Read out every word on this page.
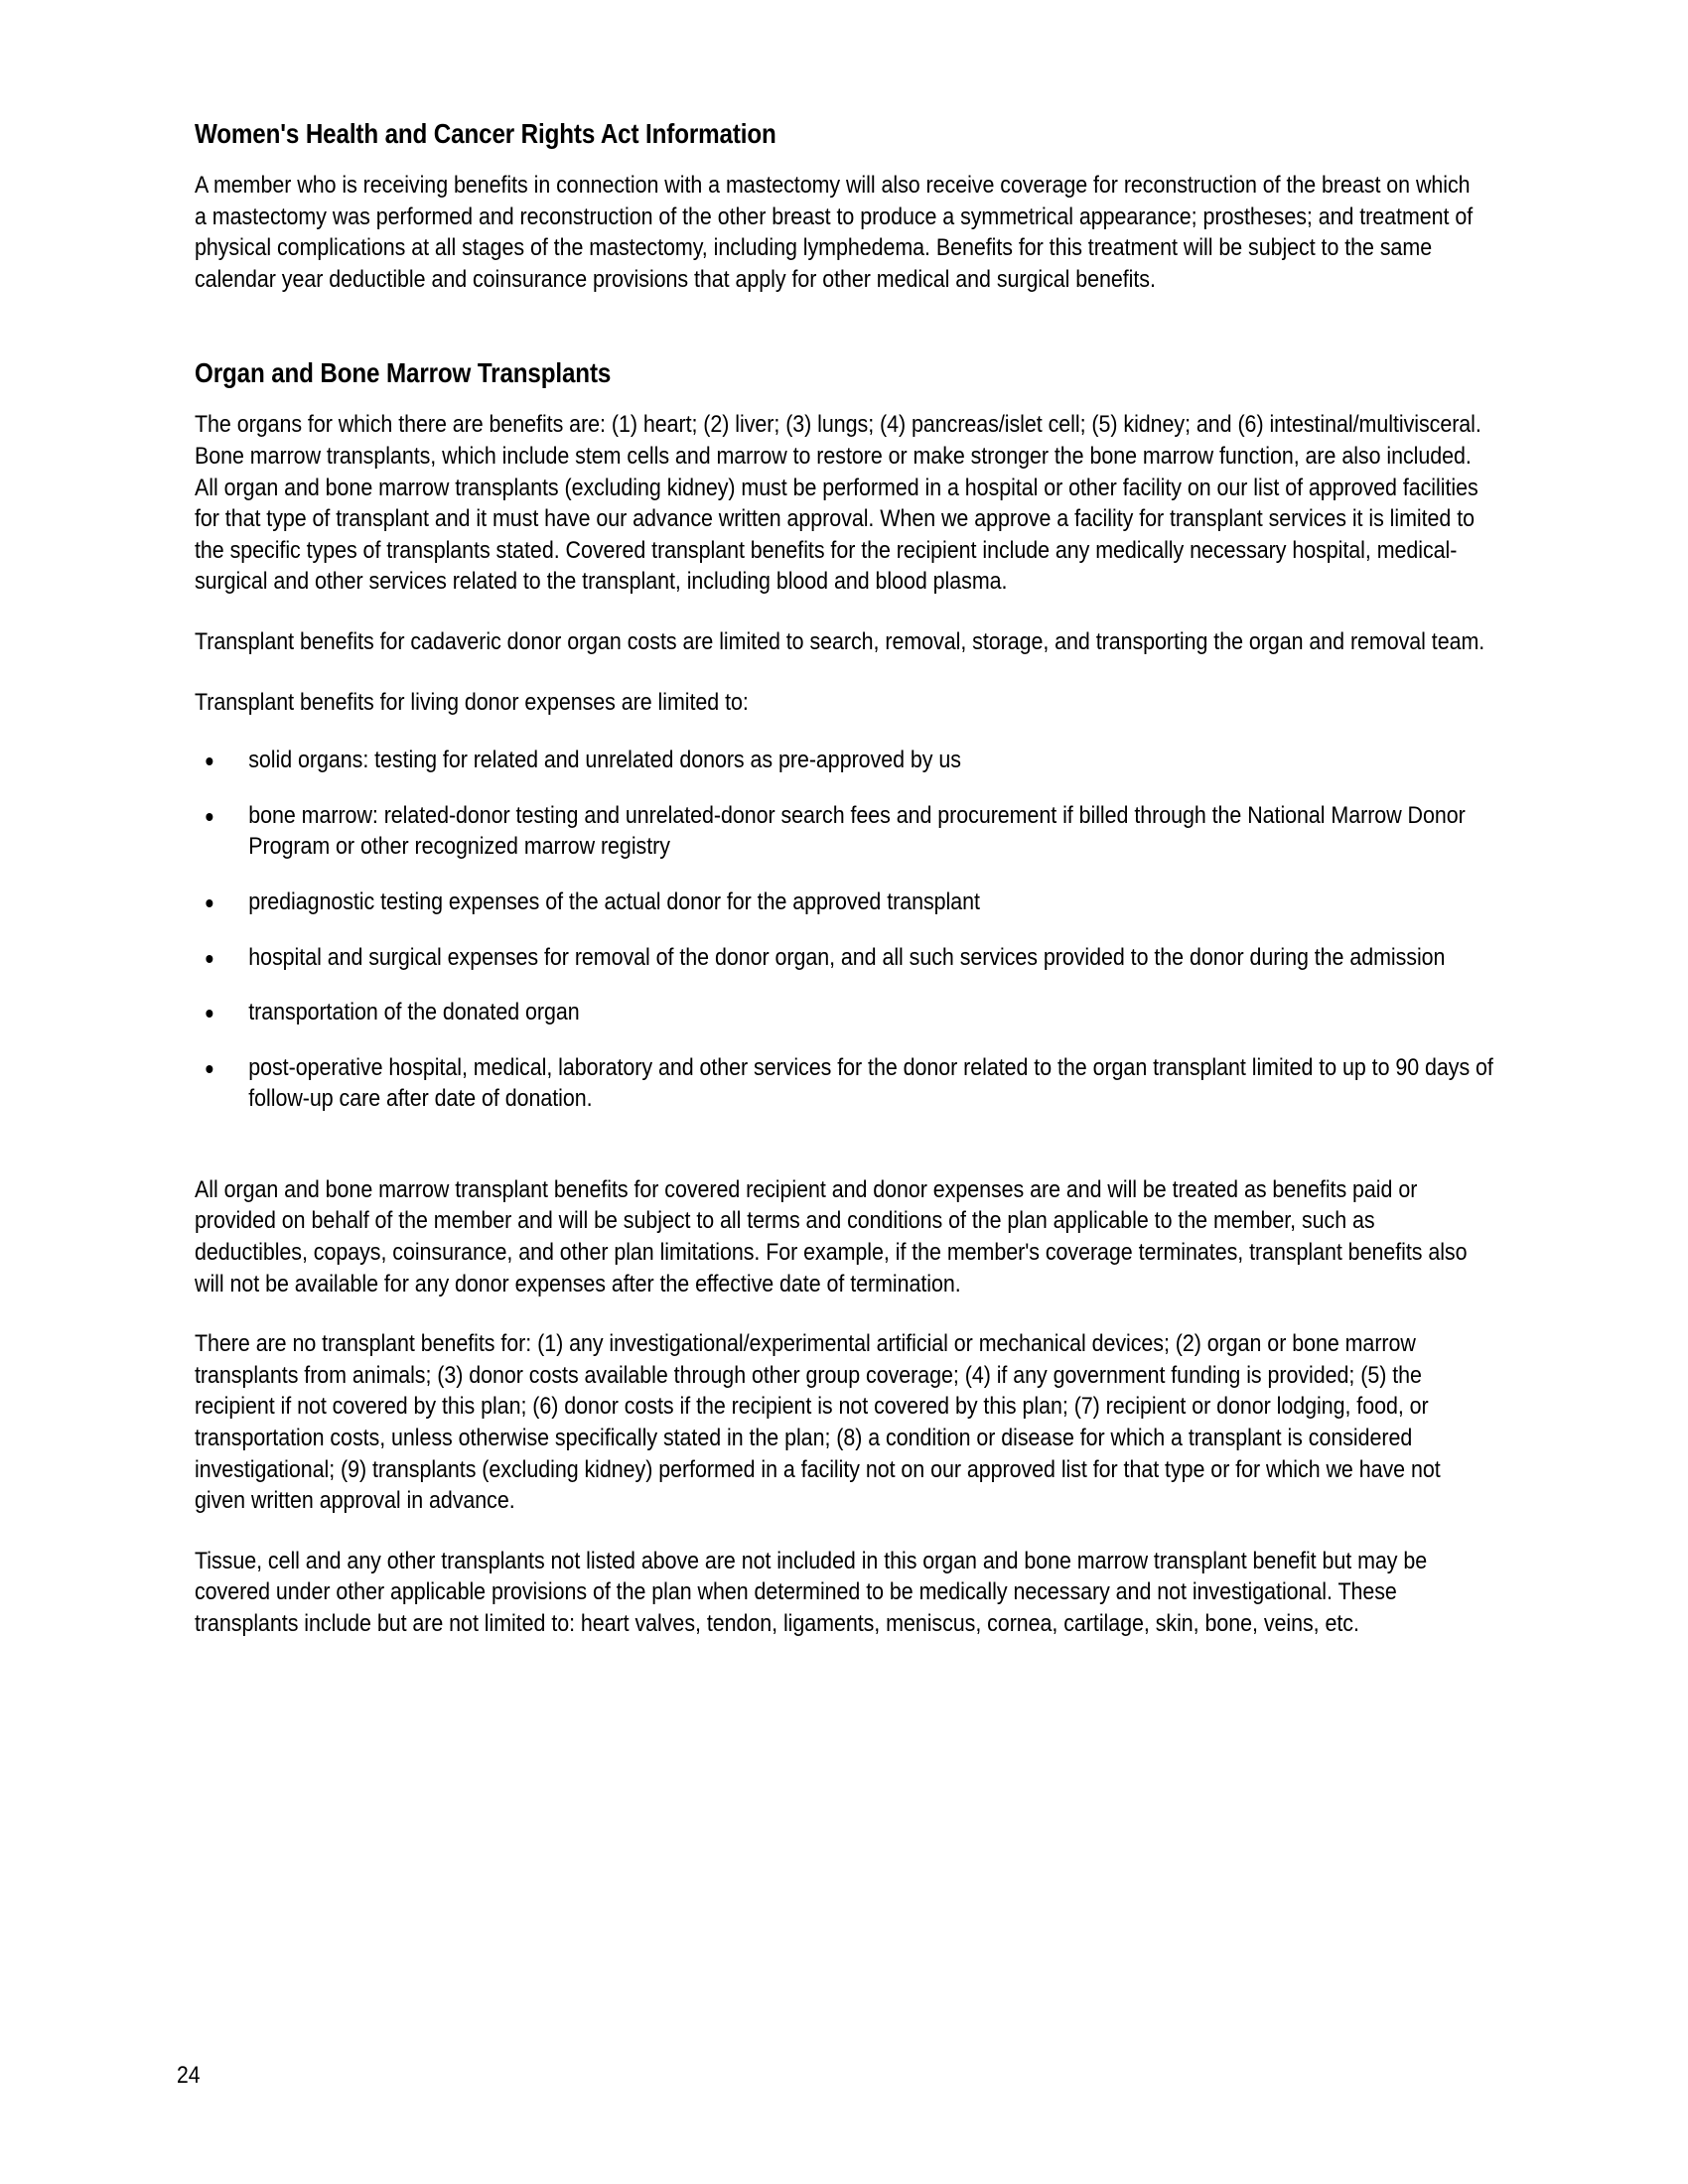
Women's Health and Cancer Rights Act Information

A member who is receiving benefits in connection with a mastectomy will also receive coverage for reconstruction of the breast on which a mastectomy was performed and reconstruction of the other breast to produce a symmetrical appearance; prostheses; and treatment of physical complications at all stages of the mastectomy, including lymphedema. Benefits for this treatment will be subject to the same calendar year deductible and coinsurance provisions that apply for other medical and surgical benefits.

Organ and Bone Marrow Transplants

The organs for which there are benefits are: (1) heart; (2) liver; (3) lungs; (4) pancreas/islet cell; (5) kidney; and (6) intestinal/multivisceral. Bone marrow transplants, which include stem cells and marrow to restore or make stronger the bone marrow function, are also included. All organ and bone marrow transplants (excluding kidney) must be performed in a hospital or other facility on our list of approved facilities for that type of transplant and it must have our advance written approval. When we approve a facility for transplant services it is limited to the specific types of transplants stated. Covered transplant benefits for the recipient include any medically necessary hospital, medical-surgical and other services related to the transplant, including blood and blood plasma.

Transplant benefits for cadaveric donor organ costs are limited to search, removal, storage, and transporting the organ and removal team.

Transplant benefits for living donor expenses are limited to:

solid organs: testing for related and unrelated donors as pre-approved by us
bone marrow: related-donor testing and unrelated-donor search fees and procurement if billed through the National Marrow Donor Program or other recognized marrow registry
prediagnostic testing expenses of the actual donor for the approved transplant
hospital and surgical expenses for removal of the donor organ, and all such services provided to the donor during the admission
transportation of the donated organ
post-operative hospital, medical, laboratory and other services for the donor related to the organ transplant limited to up to 90 days of follow-up care after date of donation.

All organ and bone marrow transplant benefits for covered recipient and donor expenses are and will be treated as benefits paid or provided on behalf of the member and will be subject to all terms and conditions of the plan applicable to the member, such as deductibles, copays, coinsurance, and other plan limitations. For example, if the member's coverage terminates, transplant benefits also will not be available for any donor expenses after the effective date of termination.

There are no transplant benefits for: (1) any investigational/experimental artificial or mechanical devices; (2) organ or bone marrow transplants from animals; (3) donor costs available through other group coverage; (4) if any government funding is provided; (5) the recipient if not covered by this plan; (6) donor costs if the recipient is not covered by this plan; (7) recipient or donor lodging, food, or transportation costs, unless otherwise specifically stated in the plan; (8) a condition or disease for which a transplant is considered investigational; (9) transplants (excluding kidney) performed in a facility not on our approved list for that type or for which we have not given written approval in advance.

Tissue, cell and any other transplants not listed above are not included in this organ and bone marrow transplant benefit but may be covered under other applicable provisions of the plan when determined to be medically necessary and not investigational. These transplants include but are not limited to: heart valves, tendon, ligaments, meniscus, cornea, cartilage, skin, bone, veins, etc.

24
